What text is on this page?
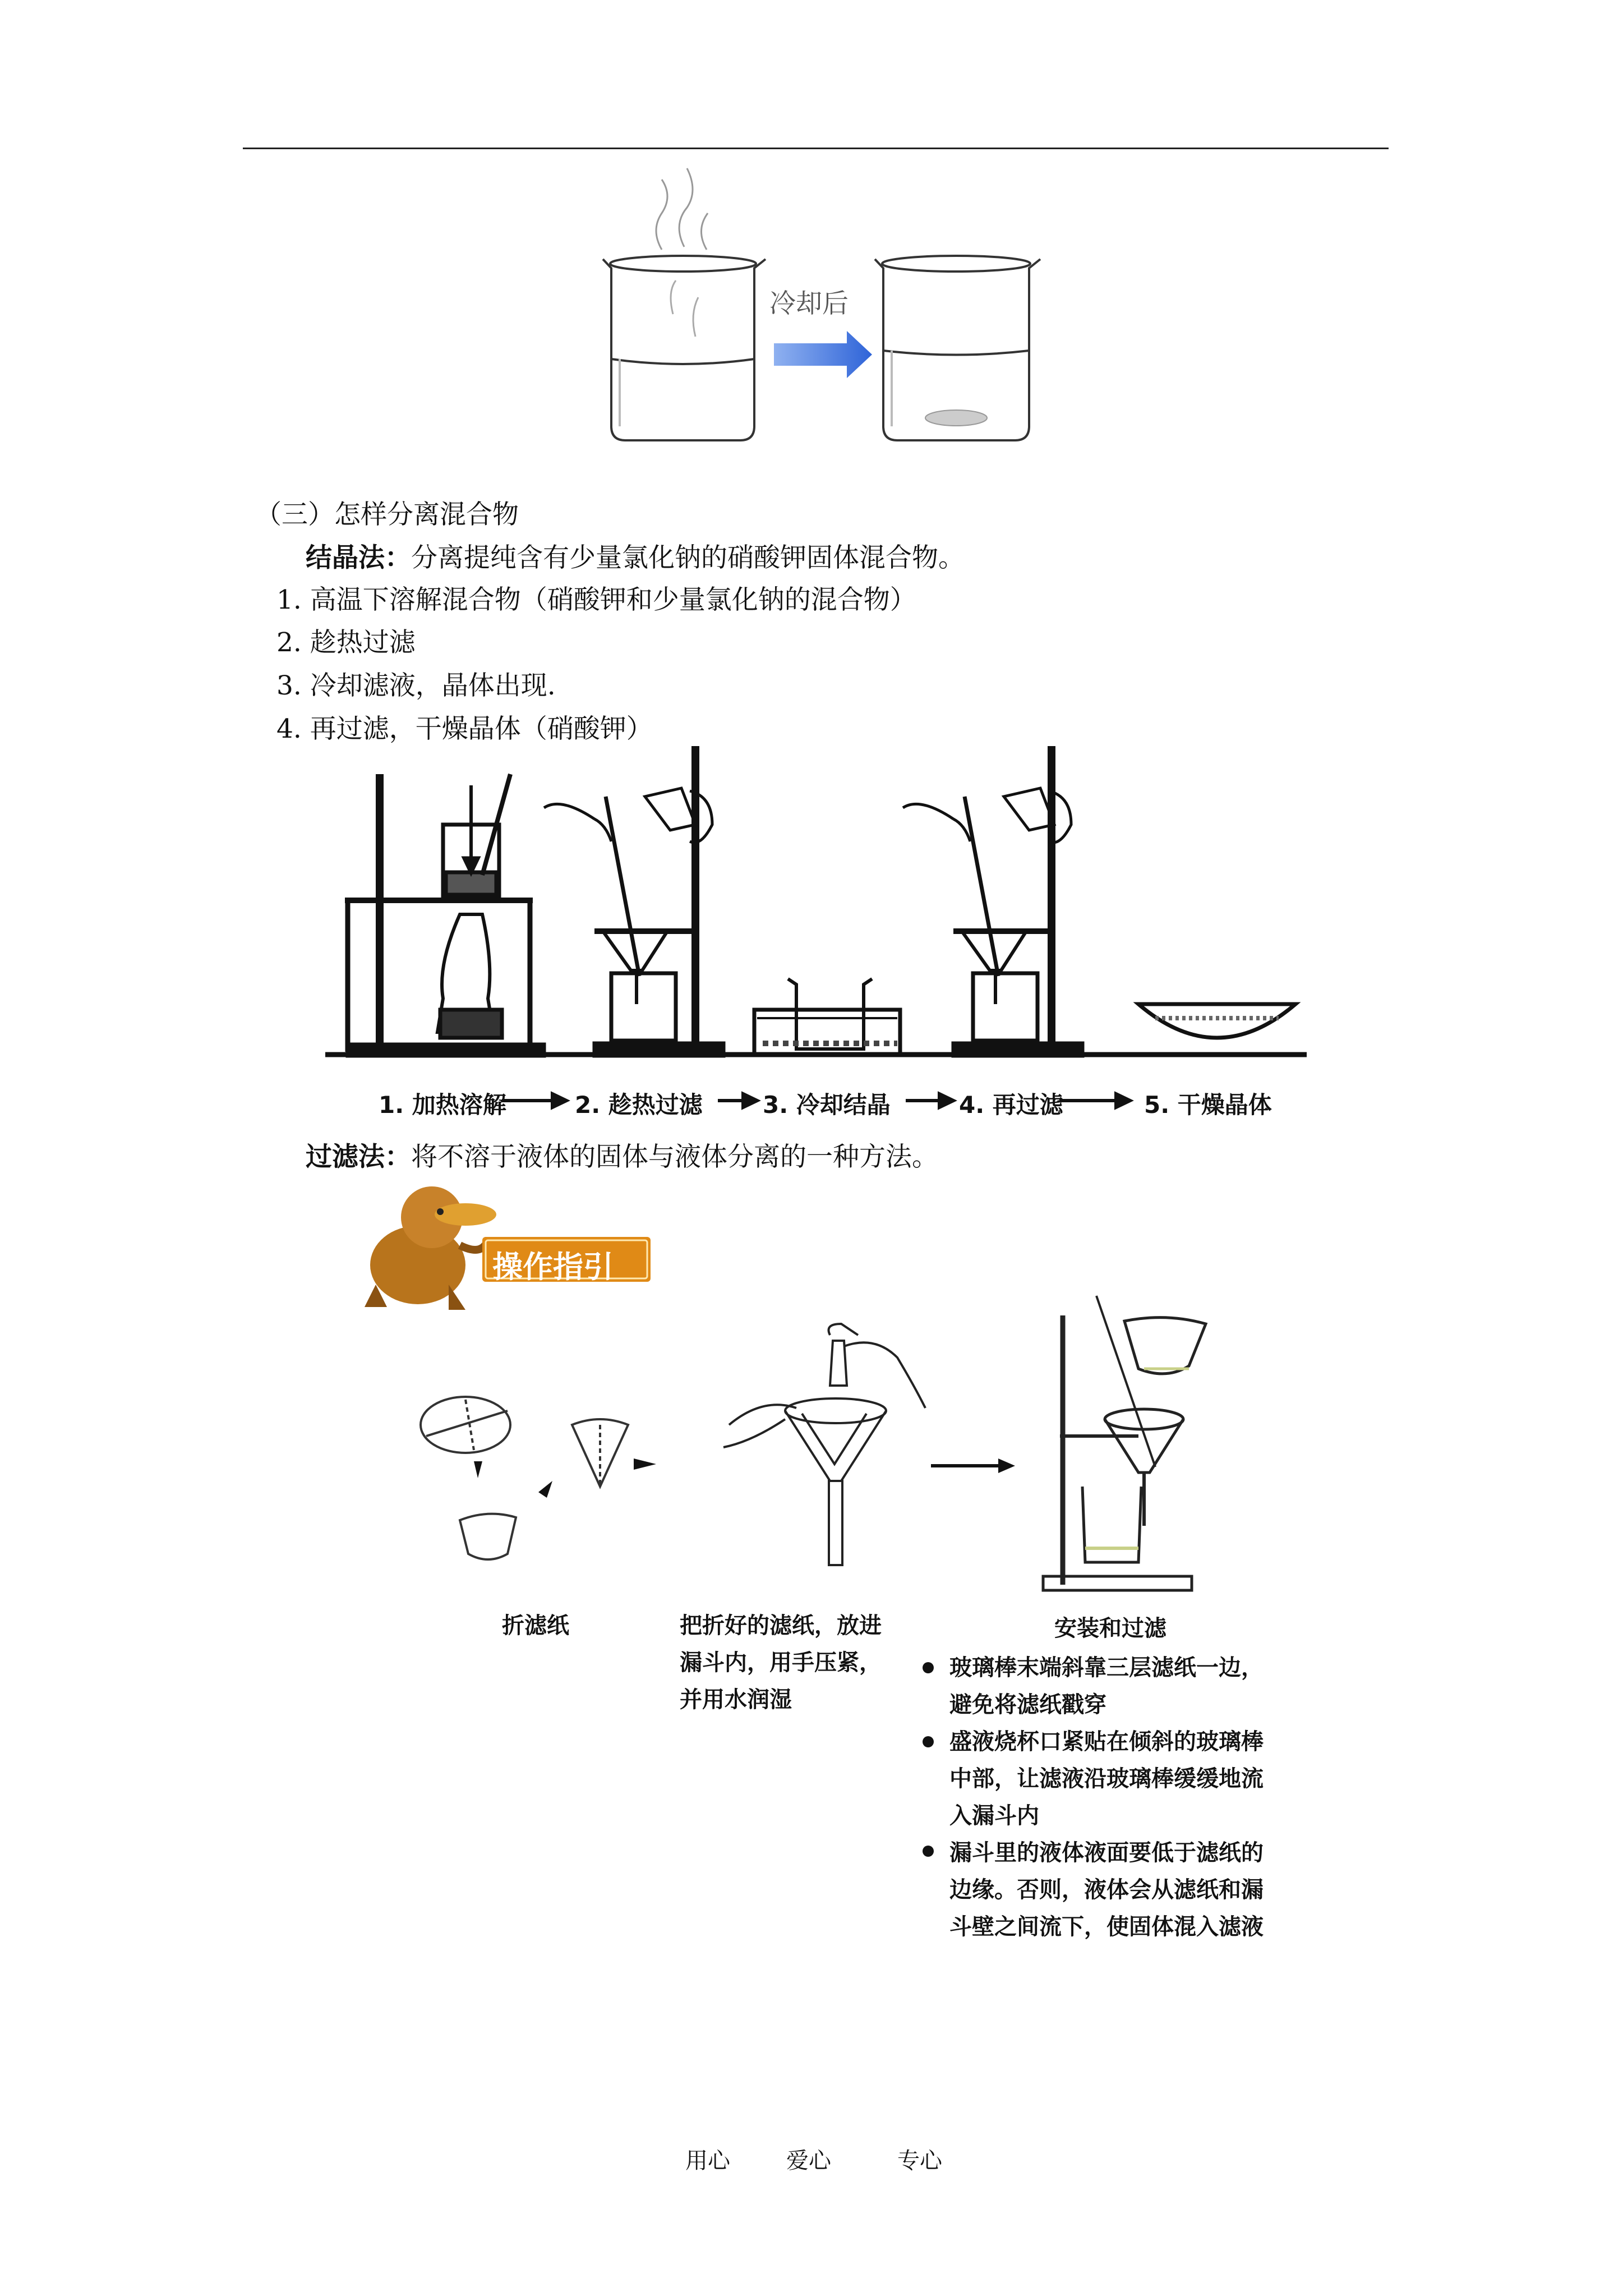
冷却后
（三）怎样分离混合物
结晶法：分离提纯含有少量氯化钠的硝酸钾固体混合物。
1. 高温下溶解混合物（硝酸钾和少量氯化钠的混合物）
2. 趁热过滤
3. 冷却滤液，晶体出现.
4. 再过滤，干燥晶体（硝酸钾）
1. 加热溶解	2. 趁热过滤	3. 冷却结晶	4. 再过滤	5. 干燥晶体
过滤法：将不溶于液体的固体与液体分离的一种方法。
操作指引
折滤纸	把折好的滤纸，放进
漏斗内，用手压紧，
并用水润湿
安装和过滤
玻璃棒末端斜靠三层滤纸一边，
避免将滤纸戳穿
盛液烧杯口紧贴在倾斜的玻璃棒
中部，让滤液沿玻璃棒缓缓地流
入漏斗内
漏斗里的液体液面要低于滤纸的
边缘。否则，液体会从滤纸和漏
斗壁之间流下，使固体混入滤液
用心	爱心	专心
